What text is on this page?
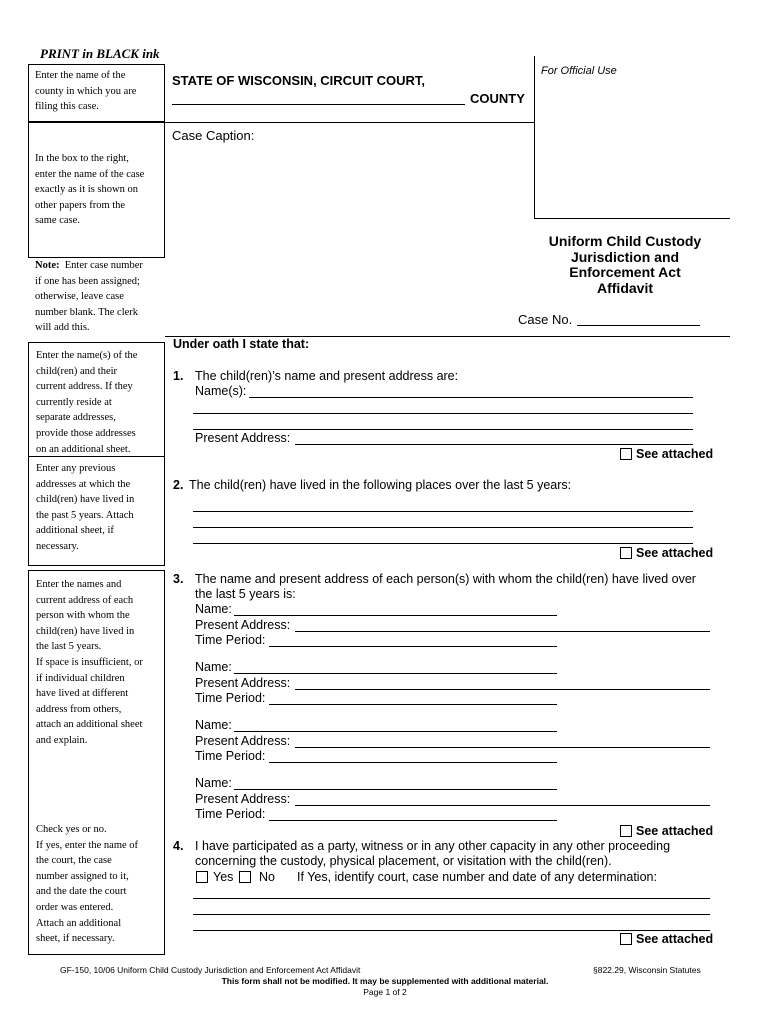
PRINT in BLACK ink
For Official Use
Enter the name of the
county in which you are
filing this case.
In the box to the right,
enter the name of the case
exactly as it is shown on
other papers from the
same case.
Note: Enter case number
if one has been assigned;
otherwise, leave case
number blank. The clerk
will add this.
Enter the name(s) of the
child(ren) and their
current address. If they
currently reside at
separate addresses,
provide those addresses
on an additional sheet.
Enter any previous
addresses at which the
child(ren) have lived in
the past 5 years. Attach
additional sheet, if
necessary.
Enter the names and
current address of each
person with whom the
child(ren) have lived in
the last 5 years.
If space is insufficient, or
if individual children
have lived at different
address from others,
attach an additional sheet
and explain.
Check yes or no.
If yes, enter the name of
the court, the case
number assigned to it,
and the date the court
order was entered.
Attach an additional
sheet, if necessary.
STATE OF WISCONSIN, CIRCUIT COURT,
COUNTY
Case Caption:
Uniform Child Custody
Jurisdiction and
Enforcement Act
Affidavit
Case No.
Under oath I state that:
1. The child(ren)’s name and present address are:
Name(s):
Present Address:
See attached
2. The child(ren) have lived in the following places over the last 5 years:
See attached
3. The name and present address of each person(s) with whom the child(ren) have lived over
the last 5 years is:
Name:
Present Address:
Time Period:
Name:
Present Address:
Time Period:
Name:
Present Address:
Time Period:
Name:
Present Address:
Time Period:
See attached
4. I have participated as a party, witness or in any other capacity in any other proceeding
concerning the custody, physical placement, or visitation with the child(ren).
Yes No If Yes, identify court, case number and date of any determination:
See attached
GF-150, 10/06 Uniform Child Custody Jurisdiction and Enforcement Act Affidavit	§822.29, Wisconsin Statutes
This form shall not be modified. It may be supplemented with additional material.
Page 1 of 2
